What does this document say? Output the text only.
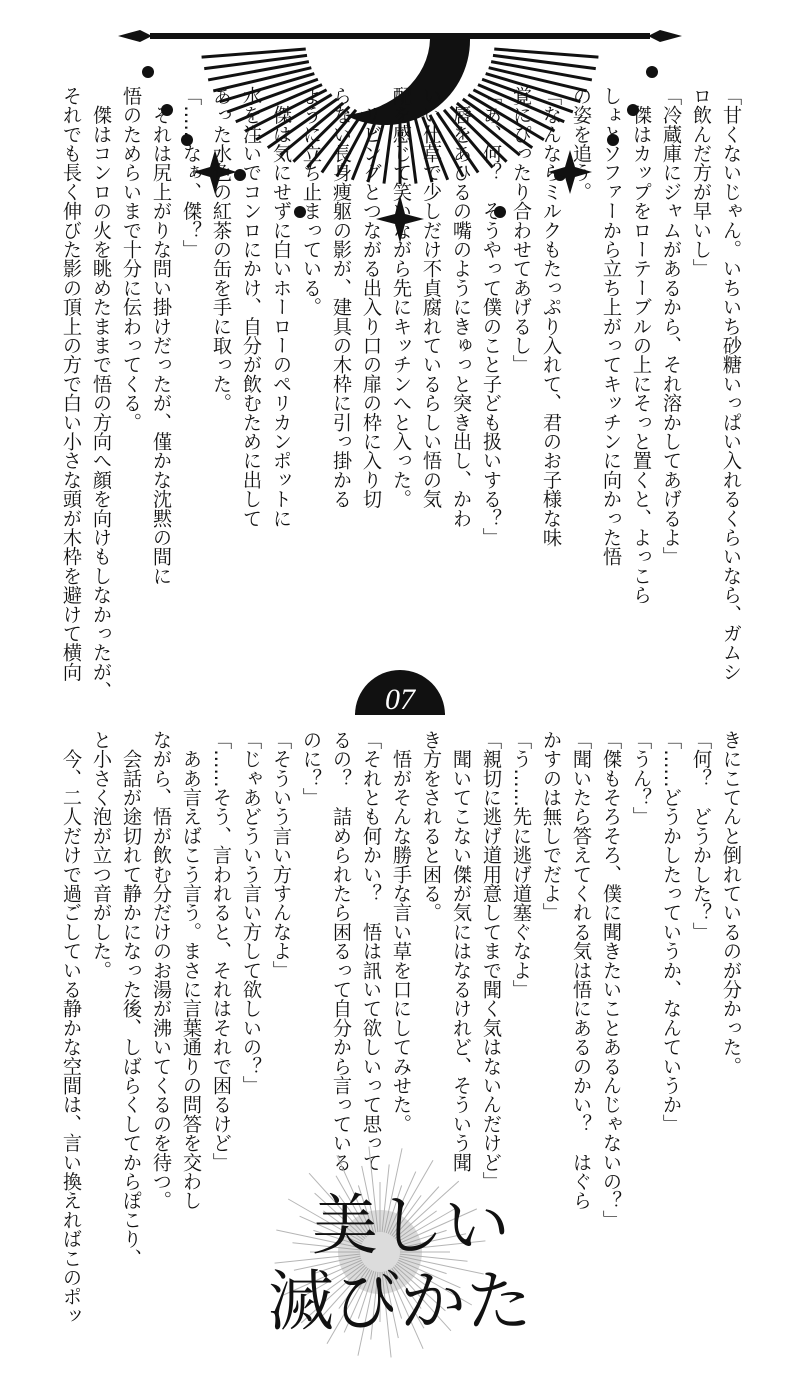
「甘くないじゃん。いちいち砂糖いっぱい入れるくらいなら、ガムシ
ロ飲んだ方が早いし」
「冷蔵庫にジャムがあるから、それ溶かしてあげるよ」
　傑はカップをローテーブルの上にそっと置くと、よっこら
しょとソファーから立ち上がってキッチンに向かった悟
の姿を追う。
「なんならミルクもたっぷり入れて、君のお子様な味
覚にぴったり合わせてあげるし」
「あ、何？　そうやって僕のこと子ども扱いする？」
　唇をあひるの嘴のようにきゅっと突き出し、かわ
いい仕草で少しだけ不貞腐れているらしい悟の気
配を感じて笑いながら先にキッチンへと入った。
　リビングとつながる出入り口の扉の枠に入り切
らない長身痩躯の影が、建具の木枠に引っ掛かる
ように立ち止まっている。
　傑は気にせずに白いホーローのペリカンポットに
水を注いでコンロにかけ、自分が飲むために出して
あった水色の紅茶の缶を手に取った。
「……なぁ、傑？」
　それは尻上がりな問い掛けだったが、僅かな沈黙の間に
悟のためらいまで十分に伝わってくる。
　傑はコンロの火を眺めたままで悟の方向へ顔を向けもしなかったが、
それでも長く伸びた影の頂上の方で白い小さな頭が木枠を避けて横向
07
きにこてんと倒れているのが分かった。
「何？　どうかした？」
「……どうかしたっていうか、なんていうか」
「うん？」
「傑もそろそろ、僕に聞きたいことあるんじゃないの？」
「聞いたら答えてくれる気は悟にあるのかい？　はぐら
かすのは無しでだよ」
「う……先に逃げ道塞ぐなよ」
「親切に逃げ道用意してまで聞く気はないんだけど」
　聞いてこない傑が気にはなるけれど、そういう聞
き方をされると困る。
　悟がそんな勝手な言い草を口にしてみせた。
「それとも何かい？　悟は訊いて欲しいって思って
るの？　詰められたら困るって自分から言っている
のに？」
「そういう言い方すんなよ」
「じゃあどういう言い方して欲しいの？」
「……そう、言われると、それはそれで困るけど」
　ああ言えばこう言う。まさに言葉通りの問答を交わし
ながら、悟が飲む分だけのお湯が沸いてくるのを待つ。
　会話が途切れて静かになった後、しばらくしてからぽこり、
と小さく泡が立つ音がした。
　今、二人だけで過ごしている静かな空間は、言い換えればこのポッ	美しい
滅びかた
